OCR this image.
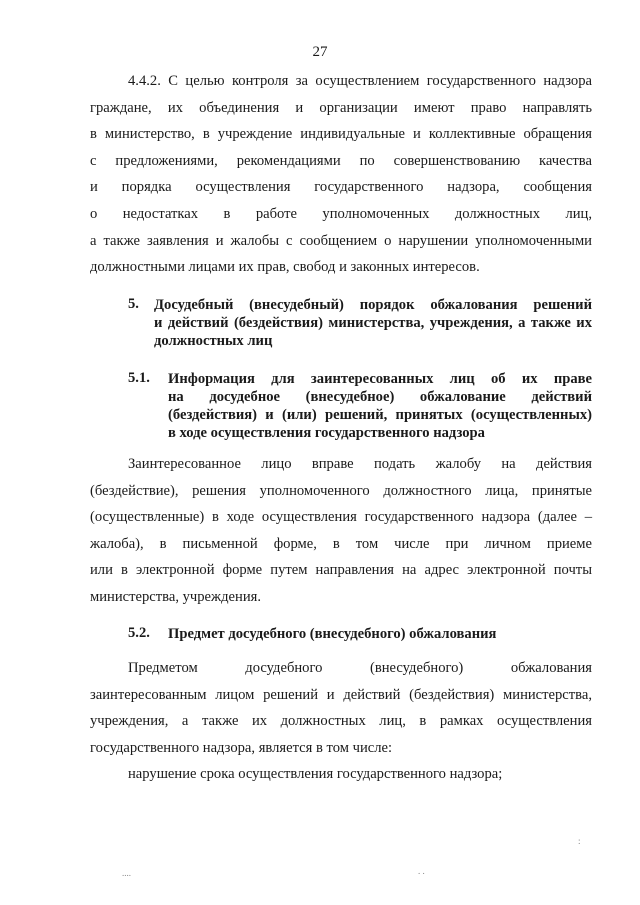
27
4.4.2. С целью контроля за осуществлением государственного надзора
граждане, их объединения и организации имеют право направлять
в министерство, в учреждение индивидуальные и коллективные обращения
с предложениями, рекомендациями по совершенствованию качества
и порядка осуществления государственного надзора, сообщения
о недостатках в работе уполномоченных должностных лиц,
а также заявления и жалобы с сообщением о нарушении уполномоченными
должностными лицами их прав, свобод и законных интересов.
5. Досудебный (внесудебный) порядок обжалования решений
и действий (бездействия) министерства, учреждения, а также их
должностных лиц
5.1. Информация для заинтересованных лиц об их праве
на досудебное (внесудебное) обжалование действий
(бездействия) и (или) решений, принятых (осуществленных)
в ходе осуществления государственного надзора
Заинтересованное лицо вправе подать жалобу на действия
(бездействие), решения уполномоченного должностного лица, принятые
(осуществленные) в ходе осуществления государственного надзора (далее –
жалоба), в письменной форме, в том числе при личном приеме
или в электронной форме путем направления на адрес электронной почты
министерства, учреждения.
5.2. Предмет досудебного (внесудебного) обжалования
Предметом досудебного (внесудебного) обжалования
заинтересованным лицом решений и действий (бездействия) министерства,
учреждения, а также их должностных лиц, в рамках осуществления
государственного надзора, является в том числе:
нарушение срока осуществления государственного надзора;
:
....	. .
